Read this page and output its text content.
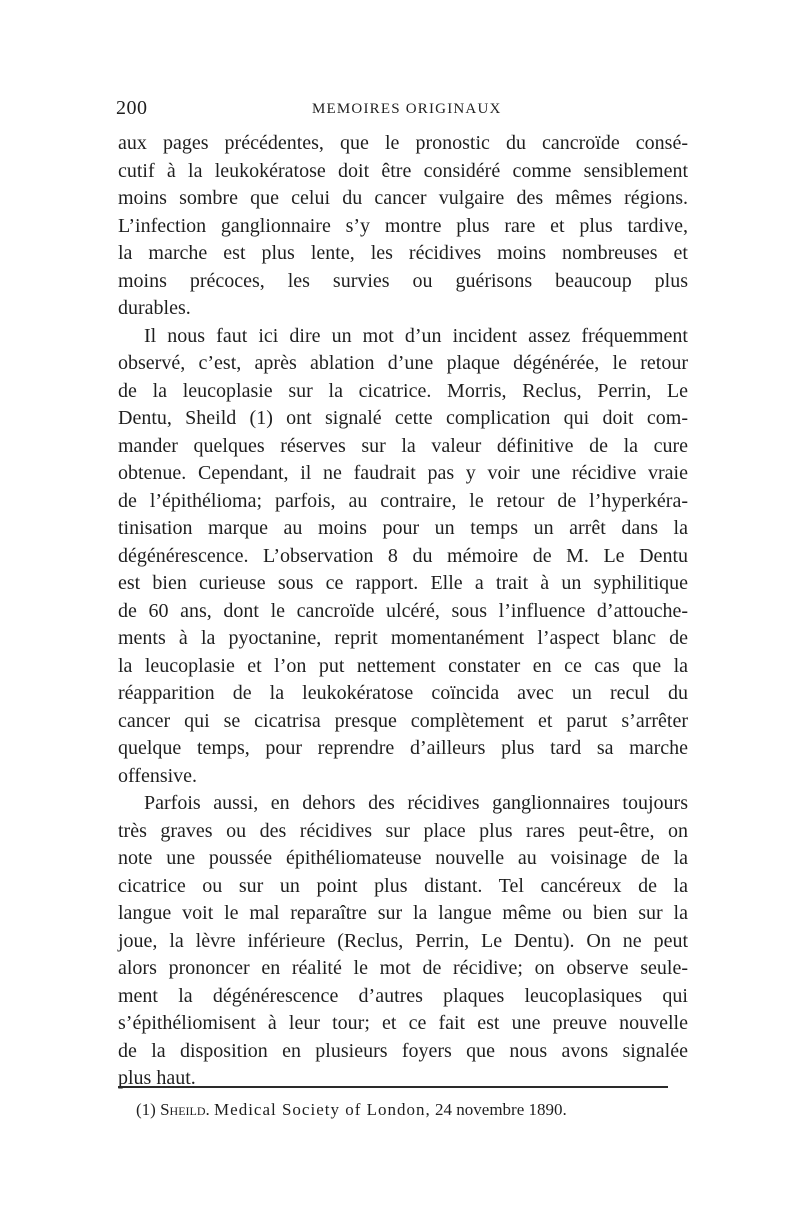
200	MEMOIRES ORIGINAUX
aux pages précédentes, que le pronostic du cancroïde consé-
cutif à la leukokératose doit être considéré comme sensiblement
moins sombre que celui du cancer vulgaire des mêmes régions.
L’infection ganglionnaire s’y montre plus rare et plus tardive,
la marche est plus lente, les récidives moins nombreuses et
moins précoces, les survies ou guérisons beaucoup plus
durables.
Il nous faut ici dire un mot d’un incident assez fréquemment
observé, c’est, après ablation d’une plaque dégénérée, le retour
de la leucoplasie sur la cicatrice. Morris, Reclus, Perrin, Le
Dentu, Sheild (1) ont signalé cette complication qui doit com-
mander quelques réserves sur la valeur définitive de la cure
obtenue. Cependant, il ne faudrait pas y voir une récidive vraie
de l’épithélioma; parfois, au contraire, le retour de l’hyperkéra-
tinisation marque au moins pour un temps un arrêt dans la
dégénérescence. L’observation 8 du mémoire de M. Le Dentu
est bien curieuse sous ce rapport. Elle a trait à un syphilitique
de 60 ans, dont le cancroïde ulcéré, sous l’influence d’attouche-
ments à la pyoctanine, reprit momentanément l’aspect blanc de
la leucoplasie et l’on put nettement constater en ce cas que la
réapparition de la leukokératose coïncida avec un recul du
cancer qui se cicatrisa presque complètement et parut s’arrêter
quelque temps, pour reprendre d’ailleurs plus tard sa marche
offensive.
Parfois aussi, en dehors des récidives ganglionnaires toujours
très graves ou des récidives sur place plus rares peut-être, on
note une poussée épithéliomateuse nouvelle au voisinage de la
cicatrice ou sur un point plus distant. Tel cancéreux de la
langue voit le mal reparaître sur la langue même ou bien sur la
joue, la lèvre inférieure (Reclus, Perrin, Le Dentu). On ne peut
alors prononcer en réalité le mot de récidive; on observe seule-
ment la dégénérescence d’autres plaques leucoplasiques qui
s’épithéliomisent à leur tour; et ce fait est une preuve nouvelle
de la disposition en plusieurs foyers que nous avons signalée
plus haut.
(1) Sheild. Medical Society of London, 24 novembre 1890.
